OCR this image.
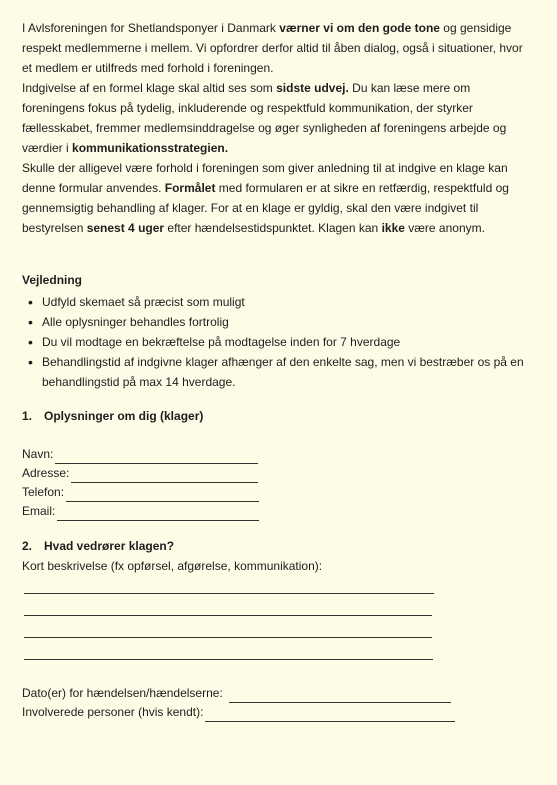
I Avlsforeningen for Shetlandsponyer i Danmark værner vi om den gode tone og gensidige respekt medlemmerne i mellem. Vi opfordrer derfor altid til åben dialog, også i situationer, hvor et medlem er utilfreds med forhold i foreningen.

Indgivelse af en formel klage skal altid ses som sidste udvej. Du kan læse mere om foreningens fokus på tydelig, inkluderende og respektfuld kommunikation, der styrker fællesskabet, fremmer medlemsinddragelse og øger synligheden af foreningens arbejde og værdier i kommunikationsstrategien.

Skulle der alligevel være forhold i foreningen som giver anledning til at indgive en klage kan denne formular anvendes. Formålet med formularen er at sikre en retfærdig, respektfuld og gennemsigtig behandling af klager. For at en klage er gyldig, skal den være indgivet til bestyrelsen senest 4 uger efter hændelsestidspunktet. Klagen kan ikke være anonym.

Vejledning

• Udfyld skemaet så præcist som muligt
• Alle oplysninger behandles fortrolig
• Du vil modtage en bekræftelse på modtagelse inden for 7 hverdage
• Behandlingstid af indgivne klager afhænger af den enkelte sag, men vi bestræber os på en behandlingstid på max 14 hverdage.

1. Oplysninger om dig (klager)

Navn:
Adresse:
Telefon:
Email:

2. Hvad vedrører klagen?

Kort beskrivelse (fx opførsel, afgørelse, kommunikation):

Dato(er) for hændelsen/hændelserne:
Involverede personer (hvis kendt):
